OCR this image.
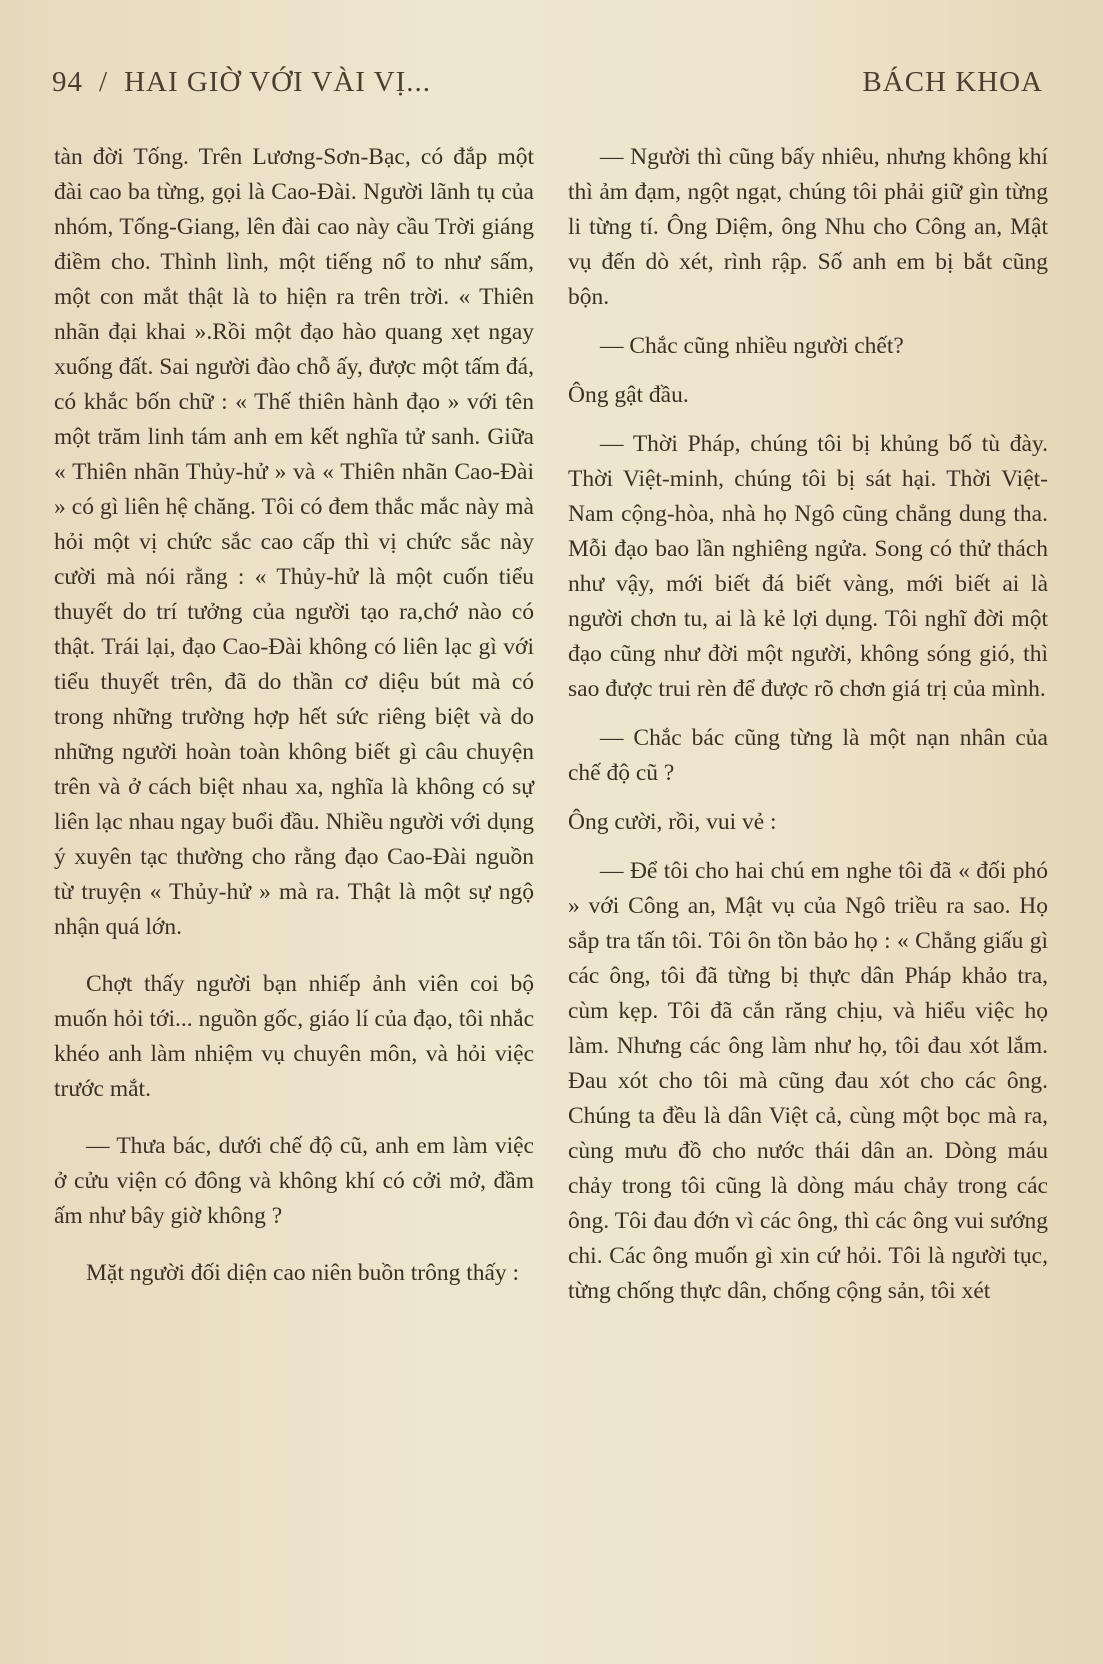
94 / HAI GIỜ VỚI VÀI VỊ...	BÁCH KHOA

tàn đời Tống. Trên Lương-Sơn-Bạc, có đắp một đài cao ba từng, gọi là Cao-Đài. Người lãnh tụ của nhóm, Tống-Giang, lên đài cao này cầu Trời giáng điềm cho. Thình lình, một tiếng nổ to như sấm, một con mắt thật là to hiện ra trên trời. « Thiên nhãn đại khai ».Rồi một đạo hào quang xẹt ngay xuống đất. Sai người đào chỗ ấy, được một tấm đá, có khắc bốn chữ : « Thế thiên hành đạo » với tên một trăm linh tám anh em kết nghĩa tử sanh. Giữa « Thiên nhãn Thủy-hử » và « Thiên nhãn Cao-Đài » có gì liên hệ chăng. Tôi có đem thắc mắc này mà hỏi một vị chức sắc cao cấp thì vị chức sắc này cười mà nói rằng : « Thủy-hử là một cuốn tiểu thuyết do trí tưởng của người tạo ra,chớ nào có thật. Trái lại, đạo Cao-Đài không có liên lạc gì với tiểu thuyết trên, đã do thần cơ diệu bút mà có trong những trường hợp hết sức riêng biệt và do những người hoàn toàn không biết gì câu chuyện trên và ở cách biệt nhau xa, nghĩa là không có sự liên lạc nhau ngay buổi đầu. Nhiều người với dụng ý xuyên tạc thường cho rằng đạo Cao-Đài nguồn từ truyện « Thủy-hử » mà ra. Thật là một sự ngộ nhận quá lớn.

Chợt thấy người bạn nhiếp ảnh viên coi bộ muốn hỏi tới... nguồn gốc, giáo lí của đạo, tôi nhắc khéo anh làm nhiệm vụ chuyên môn, và hỏi việc trước mắt.

— Thưa bác, dưới chế độ cũ, anh em làm việc ở cửu viện có đông và không khí có cởi mở, đầm ấm như bây giờ không ?

Mặt người đối diện cao niên buồn trông thấy :

— Người thì cũng bấy nhiêu, nhưng không khí thì ảm đạm, ngột ngạt, chúng tôi phải giữ gìn từng li từng tí. Ông Diệm, ông Nhu cho Công an, Mật vụ đến dò xét, rình rập. Số anh em bị bắt cũng bộn.

— Chắc cũng nhiều người chết?

Ông gật đầu.

— Thời Pháp, chúng tôi bị khủng bố tù đày. Thời Việt-minh, chúng tôi bị sát hại. Thời Việt-Nam cộng-hòa, nhà họ Ngô cũng chẳng dung tha. Mỗi đạo bao lần nghiêng ngửa. Song có thử thách như vậy, mới biết đá biết vàng, mới biết ai là người chơn tu, ai là kẻ lợi dụng. Tôi nghĩ đời một đạo cũng như đời một người, không sóng gió, thì sao được trui rèn để được rõ chơn giá trị của mình.

— Chắc bác cũng từng là một nạn nhân của chế độ cũ ?

Ông cười, rồi, vui vẻ :

— Để tôi cho hai chú em nghe tôi đã « đối phó » với Công an, Mật vụ của Ngô triều ra sao. Họ sắp tra tấn tôi. Tôi ôn tồn bảo họ : « Chẳng giấu gì các ông, tôi đã từng bị thực dân Pháp khảo tra, cùm kẹp. Tôi đã cắn răng chịu, và hiểu việc họ làm. Nhưng các ông làm như họ, tôi đau xót lắm. Đau xót cho tôi mà cũng đau xót cho các ông. Chúng ta đều là dân Việt cả, cùng một bọc mà ra, cùng mưu đồ cho nước thái dân an. Dòng máu chảy trong tôi cũng là dòng máu chảy trong các ông. Tôi đau đớn vì các ông, thì các ông vui sướng chi. Các ông muốn gì xin cứ hỏi. Tôi là người tục, từng chống thực dân, chống cộng sản, tôi xét
